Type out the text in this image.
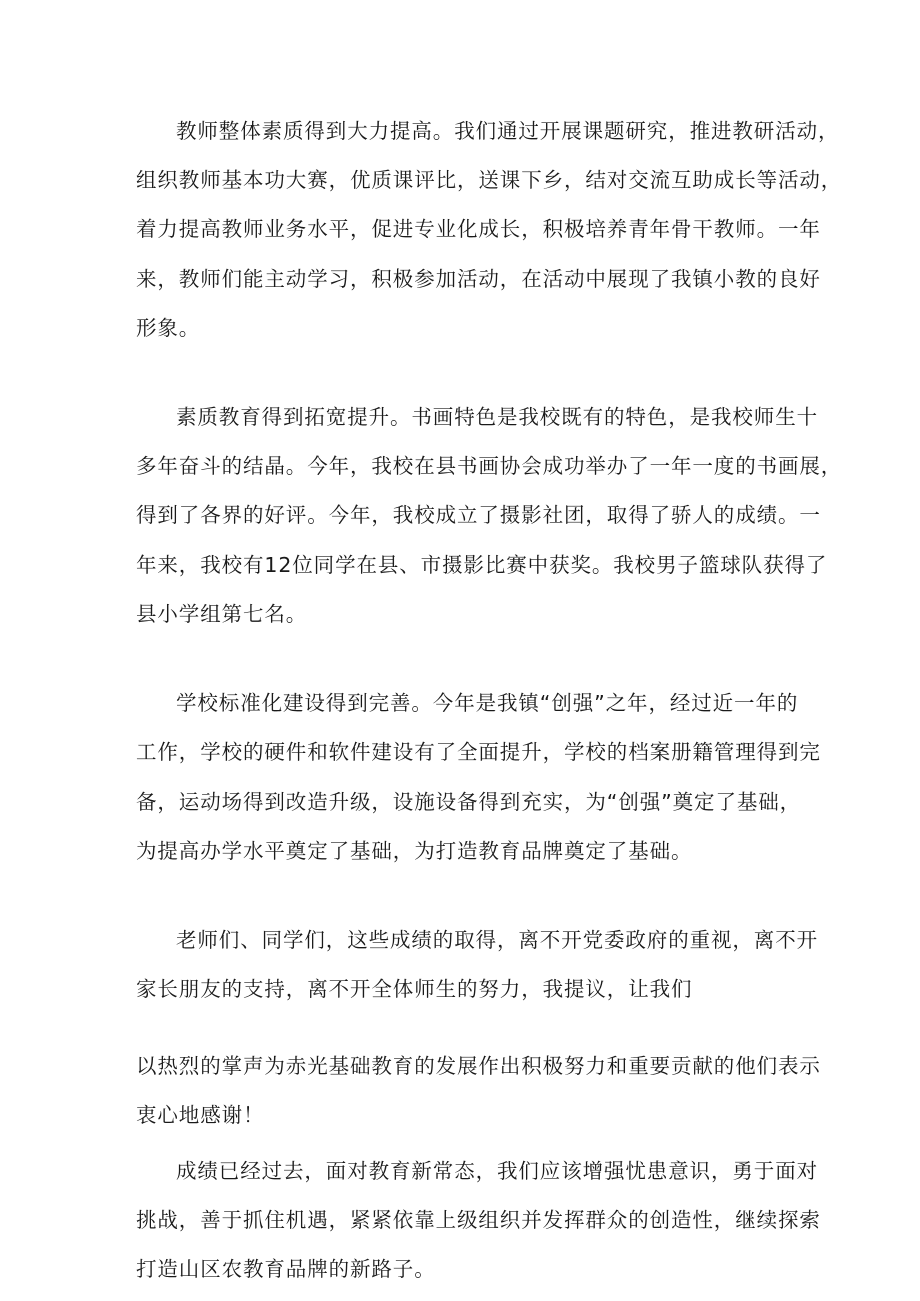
教师整体素质得到大力提高。我们通过开展课题研究，推进教研活动，
组织教师基本功大赛，优质课评比，送课下乡，结对交流互助成长等活动，
着力提高教师业务水平，促进专业化成长，积极培养青年骨干教师。一年
来，教师们能主动学习，积极参加活动，在活动中展现了我镇小教的良好
形象。
素质教育得到拓宽提升。书画特色是我校既有的特色，是我校师生十
多年奋斗的结晶。今年，我校在县书画协会成功举办了一年一度的书画展，
得到了各界的好评。今年，我校成立了摄影社团，取得了骄人的成绩。一
年来，我校有12位同学在县、市摄影比赛中获奖。我校男子篮球队获得了
县小学组第七名。
学校标准化建设得到完善。今年是我镇“创强”之年，经过近一年的
工作，学校的硬件和软件建设有了全面提升，学校的档案册籍管理得到完
备，运动场得到改造升级，设施设备得到充实，为“创强”奠定了基础，
为提高办学水平奠定了基础，为打造教育品牌奠定了基础。
老师们、同学们，这些成绩的取得，离不开党委政府的重视，离不开
家长朋友的支持，离不开全体师生的努力，我提议，让我们
以热烈的掌声为赤光基础教育的发展作出积极努力和重要贡献的他们表示
衷心地感谢！
成绩已经过去，面对教育新常态，我们应该增强忧患意识，勇于面对
挑战，善于抓住机遇，紧紧依靠上级组织并发挥群众的创造性，继续探索
打造山区农教育品牌的新路子。
